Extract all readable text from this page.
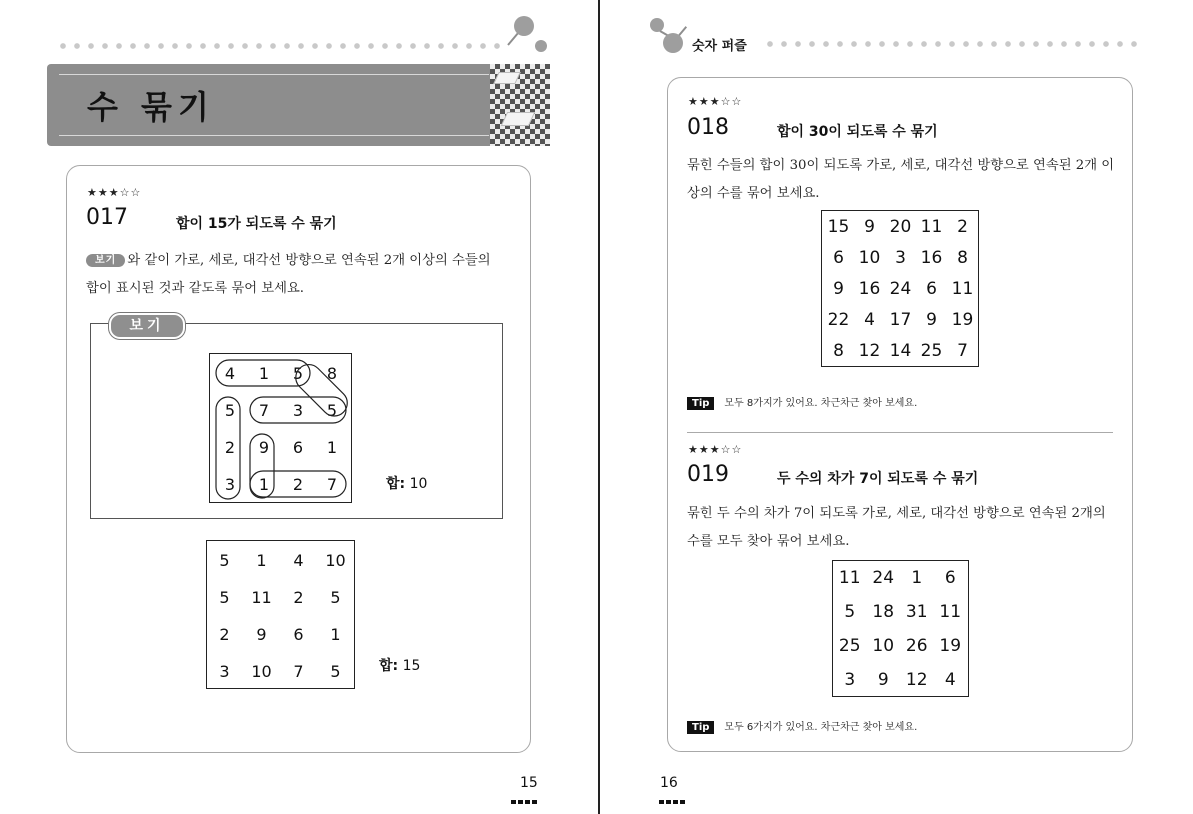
수 묶기
★★★☆☆
017	합이 15가 되도록 수 묶기
보기 와 같이 가로, 세로, 대각선 방향으로 연속된 2개 이상의 수들의
합이 표시된 것과 같도록 묶어 보세요.
보기
4	1	5	8
5	7	3	5
2	9	6	1
3	1	2	7	합: 10
5	1	4	10
5	11	2	5
2	9	6	1
3	10	7	5	합: 15
15
숫자 퍼즐
★★★☆☆
018	합이 30이 되도록 수 묶기
묶힌 수들의 합이 30이 되도록 가로, 세로, 대각선 방향으로 연속된 2개 이
상의 수를 묶어 보세요.
15 9 20 11 2
6 10 3 16 8
9 16 24 6 11
22 4 17 9 19
8 12 14 25 7
Tip 모두 8가지가 있어요. 차근차근 찾아 보세요.
★★★☆☆
019	두 수의 차가 7이 되도록 수 묶기
묶힌 두 수의 차가 7이 되도록 가로, 세로, 대각선 방향으로 연속된 2개의
수를 모두 찾아 묶어 보세요.
11 24	1	6
5	18 31 11
25 10 26 19
3	9	12	4
Tip 모두 6가지가 있어요. 차근차근 찾아 보세요.
16
